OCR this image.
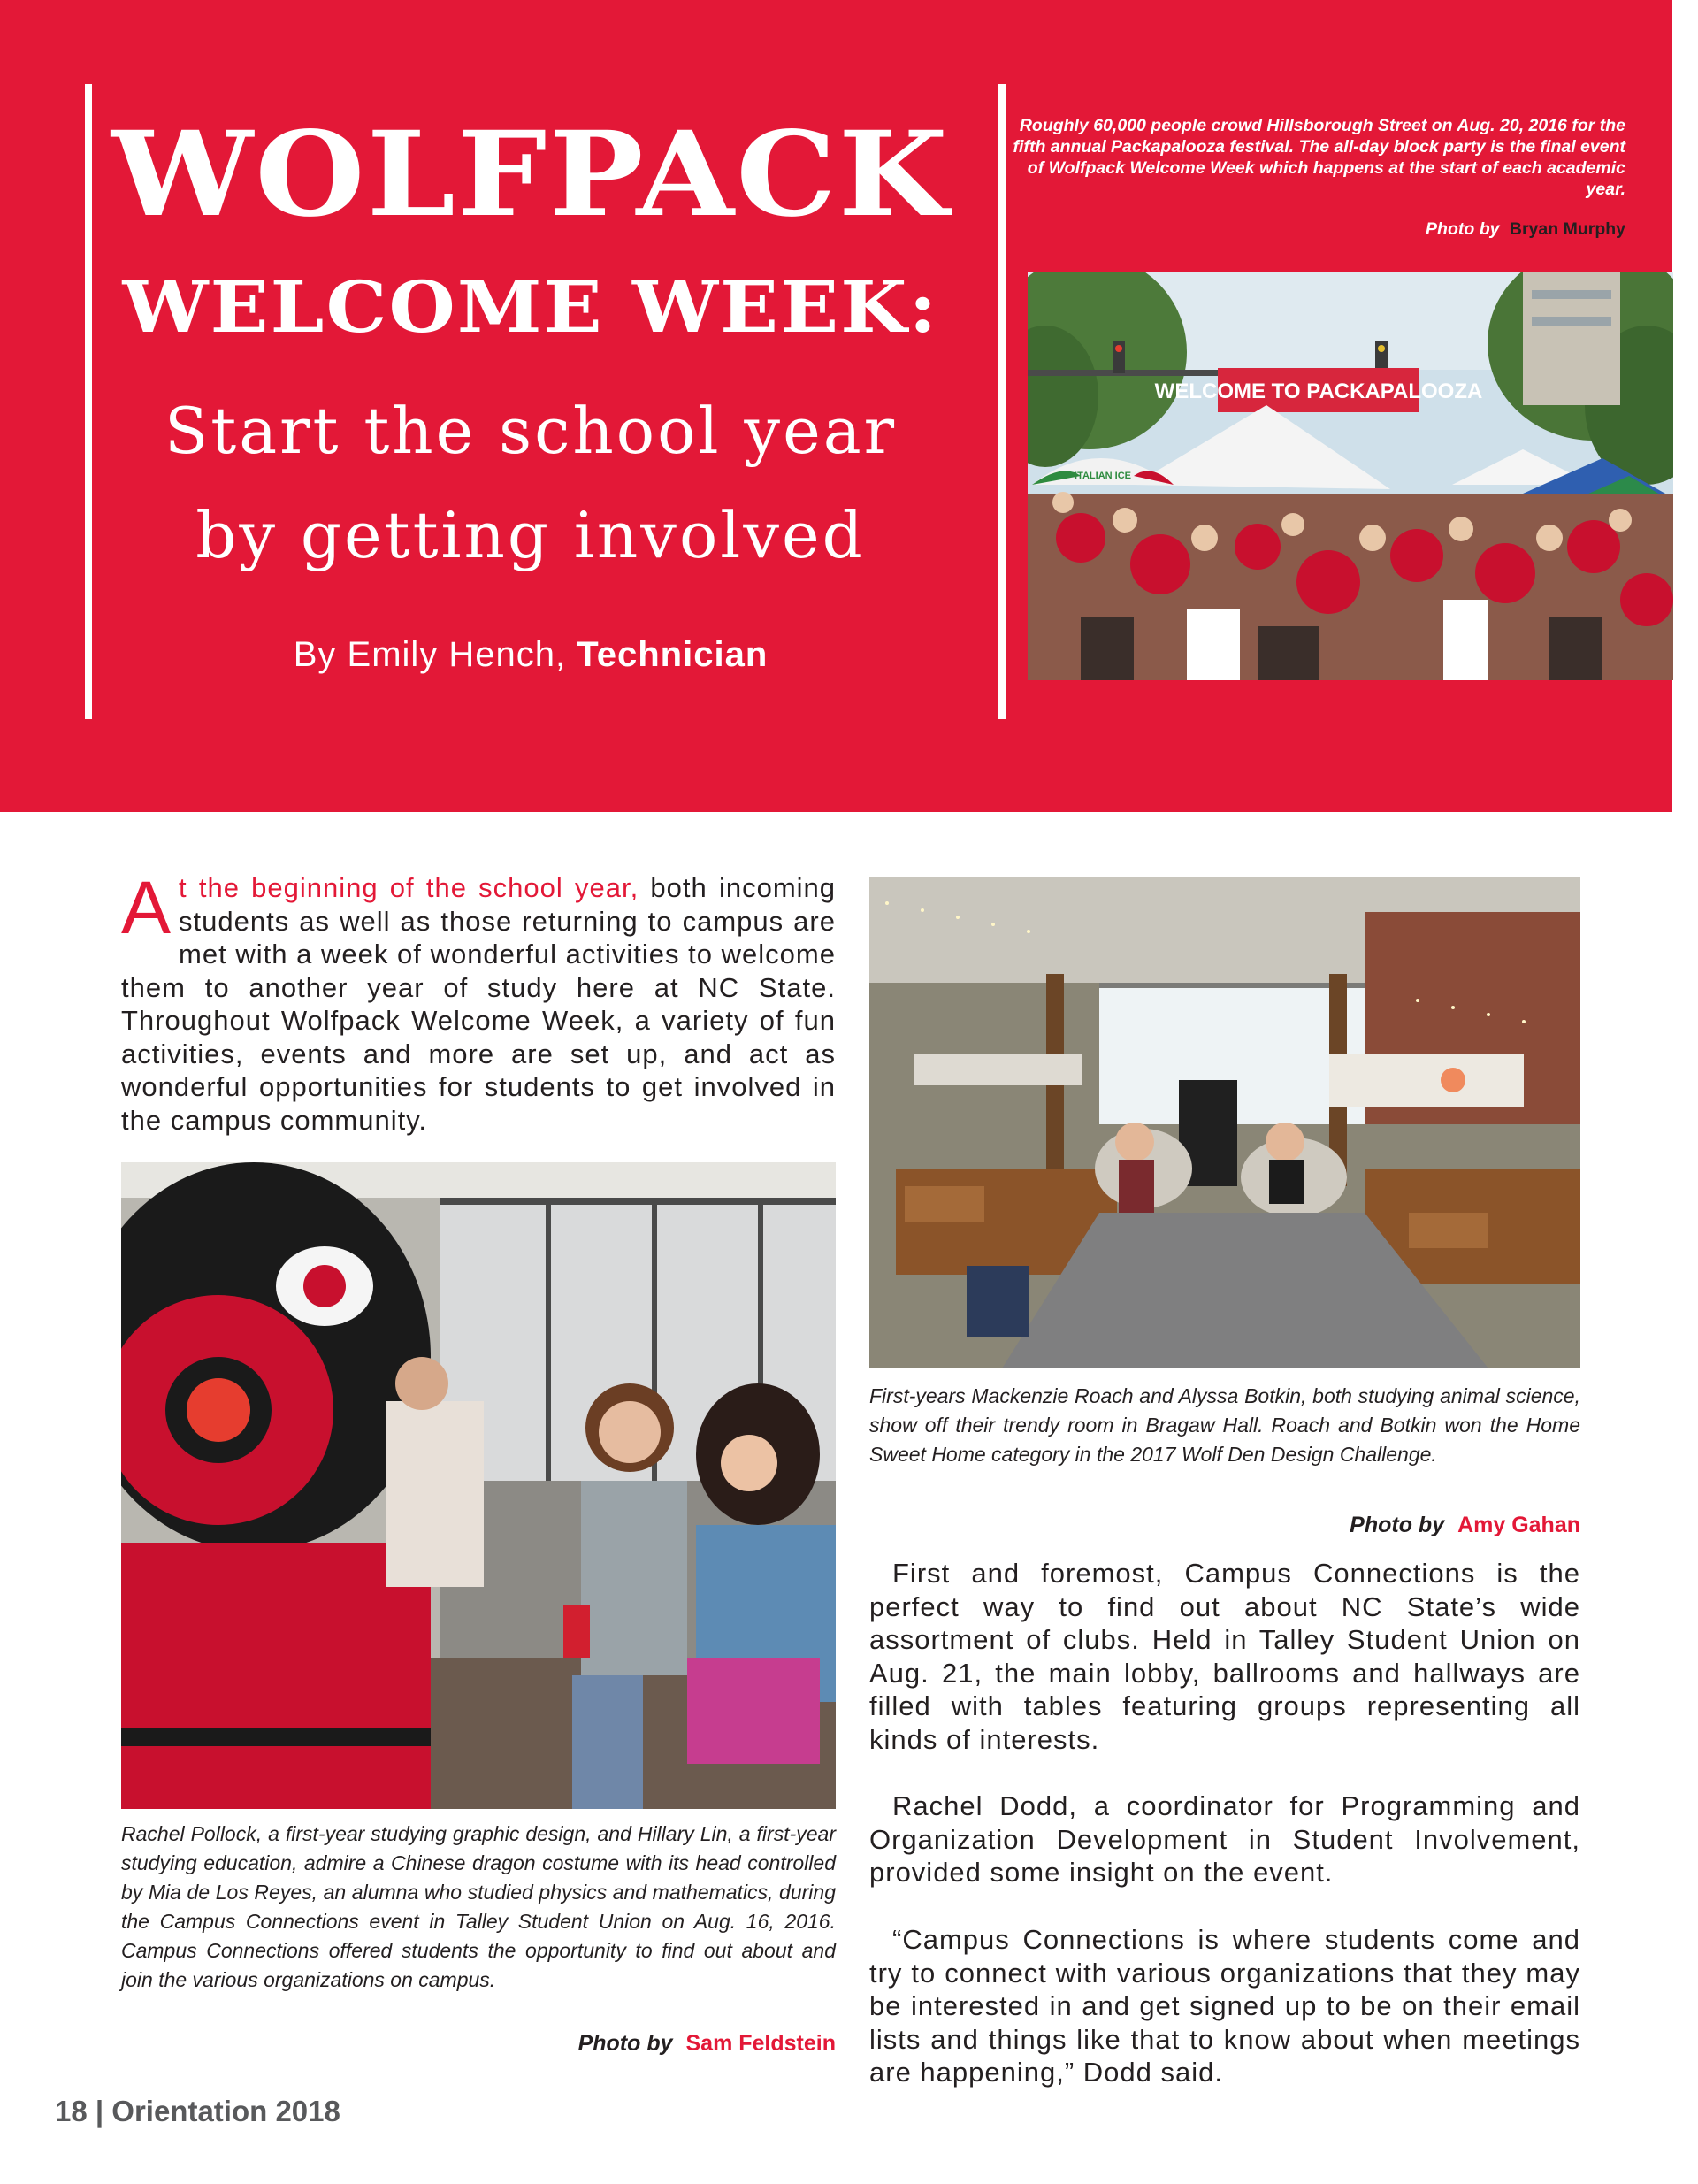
WOLFPACK
WELCOME WEEK:
Start the school year
by getting involved
By Emily Hench, Technician
Roughly 60,000 people crowd Hillsborough Street on Aug. 20, 2016 for the fifth annual Packapalooza festival. The all-day block party is the final event of Wolfpack Welcome Week which happens at the start of each academic year.
Photo by Bryan Murphy
WELCOME TO PACKAPALOOZA
ITALIAN ICE
At the beginning of the school year, both incoming students as well as those returning to campus are met with a week of wonderful activities to welcome them to another year of study here at NC State. Throughout Wolfpack Welcome Week, a variety of fun activities, events and more are set up, and act as wonderful opportunities for students to get involved in the campus community.
Rachel Pollock, a first-year studying graphic design, and Hillary Lin, a first-year studying education, admire a Chinese dragon costume with its head controlled by Mia de Los Reyes, an alumna who studied physics and mathematics, during the Campus Connections event in Talley Student Union on Aug. 16, 2016. Campus Connections offered students the opportunity to find out about and join the various organizations on campus.
Photo by Sam Feldstein
First-years Mackenzie Roach and Alyssa Botkin, both studying animal science, show off their trendy room in Bragaw Hall. Roach and Botkin won the Home Sweet Home category in the 2017 Wolf Den Design Challenge.
Photo by Amy Gahan
First and foremost, Campus Connections is the perfect way to find out about NC State’s wide assortment of clubs. Held in Talley Student Union on Aug. 21, the main lobby, ballrooms and hallways are filled with tables featuring groups representing all kinds of interests.
Rachel Dodd, a coordinator for Programming and Organization Development in Student Involvement, provided some insight on the event.
“Campus Connections is where students come and try to connect with various organizations that they may be interested in and get signed up to be on their email lists and things like that to know about when meetings are happening,” Dodd said.
18 | Orientation 2018
